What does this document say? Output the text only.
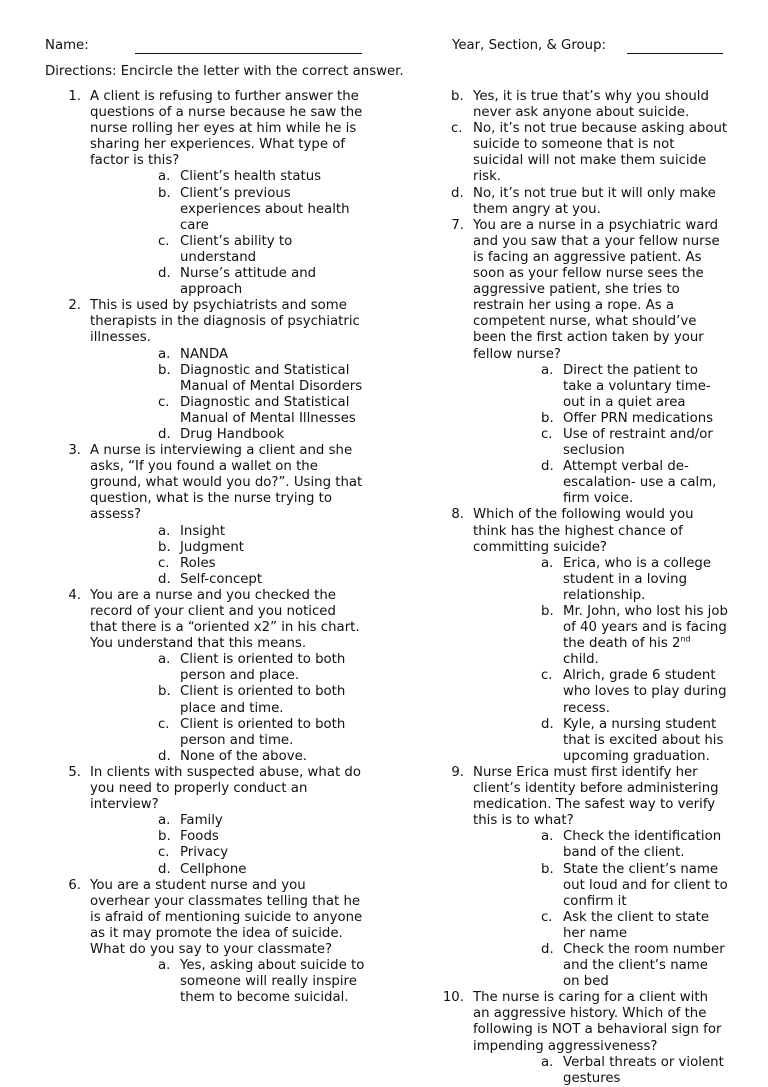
Name:	Year, Section, & Group:
Directions: Encircle the letter with the correct answer.
1. A client is refusing to further answer the questions of a nurse because he saw the nurse rolling her eyes at him while he is sharing her experiences. What type of factor is this?
a. Client’s health status
b. Client’s previous experiences about health care
c. Client’s ability to understand
d. Nurse’s attitude and approach
2. This is used by psychiatrists and some therapists in the diagnosis of psychiatric illnesses.
a. NANDA
b. Diagnostic and Statistical Manual of Mental Disorders
c. Diagnostic and Statistical Manual of Mental Illnesses
d. Drug Handbook
3. A nurse is interviewing a client and she asks, “If you found a wallet on the ground, what would you do?”. Using that question, what is the nurse trying to assess?
a. Insight
b. Judgment
c. Roles
d. Self-concept
4. You are a nurse and you checked the record of your client and you noticed that there is a “oriented x2” in his chart. You understand that this means.
a. Client is oriented to both person and place.
b. Client is oriented to both place and time.
c. Client is oriented to both person and time.
d. None of the above.
5. In clients with suspected abuse, what do you need to properly conduct an interview?
a. Family
b. Foods
c. Privacy
d. Cellphone
6. You are a student nurse and you overhear your classmates telling that he is afraid of mentioning suicide to anyone as it may promote the idea of suicide. What do you say to your classmate?
a. Yes, asking about suicide to someone will really inspire them to become suicidal.
b. Yes, it is true that’s why you should never ask anyone about suicide.
c. No, it’s not true because asking about suicide to someone that is not suicidal will not make them suicide risk.
d. No, it’s not true but it will only make them angry at you.
7. You are a nurse in a psychiatric ward and you saw that a your fellow nurse is facing an aggressive patient. As soon as your fellow nurse sees the aggressive patient, she tries to restrain her using a rope. As a competent nurse, what should’ve been the first action taken by your fellow nurse?
a. Direct the patient to take a voluntary time-out in a quiet area
b. Offer PRN medications
c. Use of restraint and/or seclusion
d. Attempt verbal de-escalation- use a calm, firm voice.
8. Which of the following would you think has the highest chance of committing suicide?
a. Erica, who is a college student in a loving relationship.
b. Mr. John, who lost his job of 40 years and is facing the death of his 2nd child.
c. Alrich, grade 6 student who loves to play during recess.
d. Kyle, a nursing student that is excited about his upcoming graduation.
9. Nurse Erica must first identify her client’s identity before administering medication. The safest way to verify this is to what?
a. Check the identification band of the client.
b. State the client’s name out loud and for client to confirm it
c. Ask the client to state her name
d. Check the room number and the client’s name on bed
10. The nurse is caring for a client with an aggressive history. Which of the following is NOT a behavioral sign for impending aggressiveness?
a. Verbal threats or violent gestures
